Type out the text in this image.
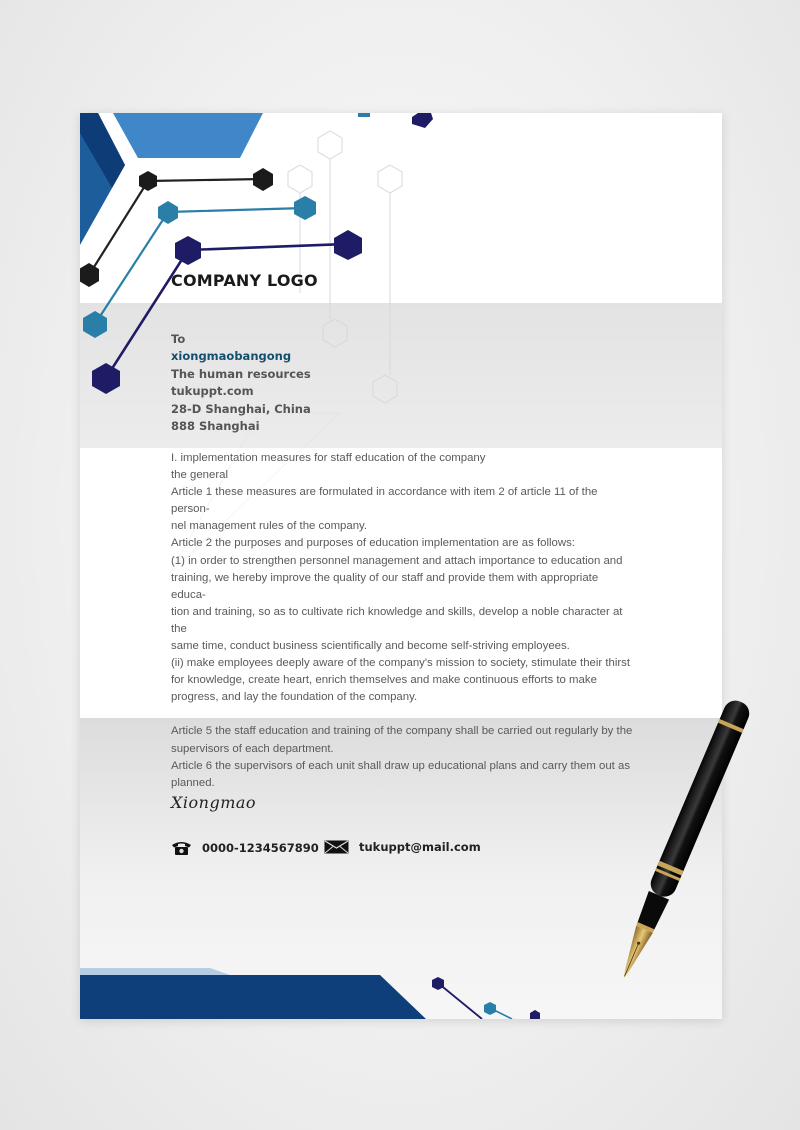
COMPANY LOGO
To
xiongmaobangong
The human resources
tukuppt.com
28-D Shanghai, China
888 Shanghai

I. implementation measures for staff education of the company

the general

Article 1 these measures are formulated in accordance with item 2 of article 11 of the person-

nel management rules of the company.

Article 2 the purposes and purposes of education implementation are as follows:

(1) in order to strengthen personnel management and attach importance to education and

training, we hereby improve the quality of our staff and provide them with appropriate educa-

tion and training, so as to cultivate rich knowledge and skills, develop a noble character at the

same time, conduct business scientifically and become self-striving employees.

(ii) make employees deeply aware of the company's mission to society, stimulate their thirst

for knowledge, create heart, enrich themselves and make continuous efforts to make

progress, and lay the foundation of the company.

Article 5 the staff education and training of the company shall be carried out regularly by the

supervisors of each department.

Article 6 the supervisors of each unit shall draw up educational plans and carry them out as

planned.

Xiongmao

0000-1234567890	tukuppt@mail.com
